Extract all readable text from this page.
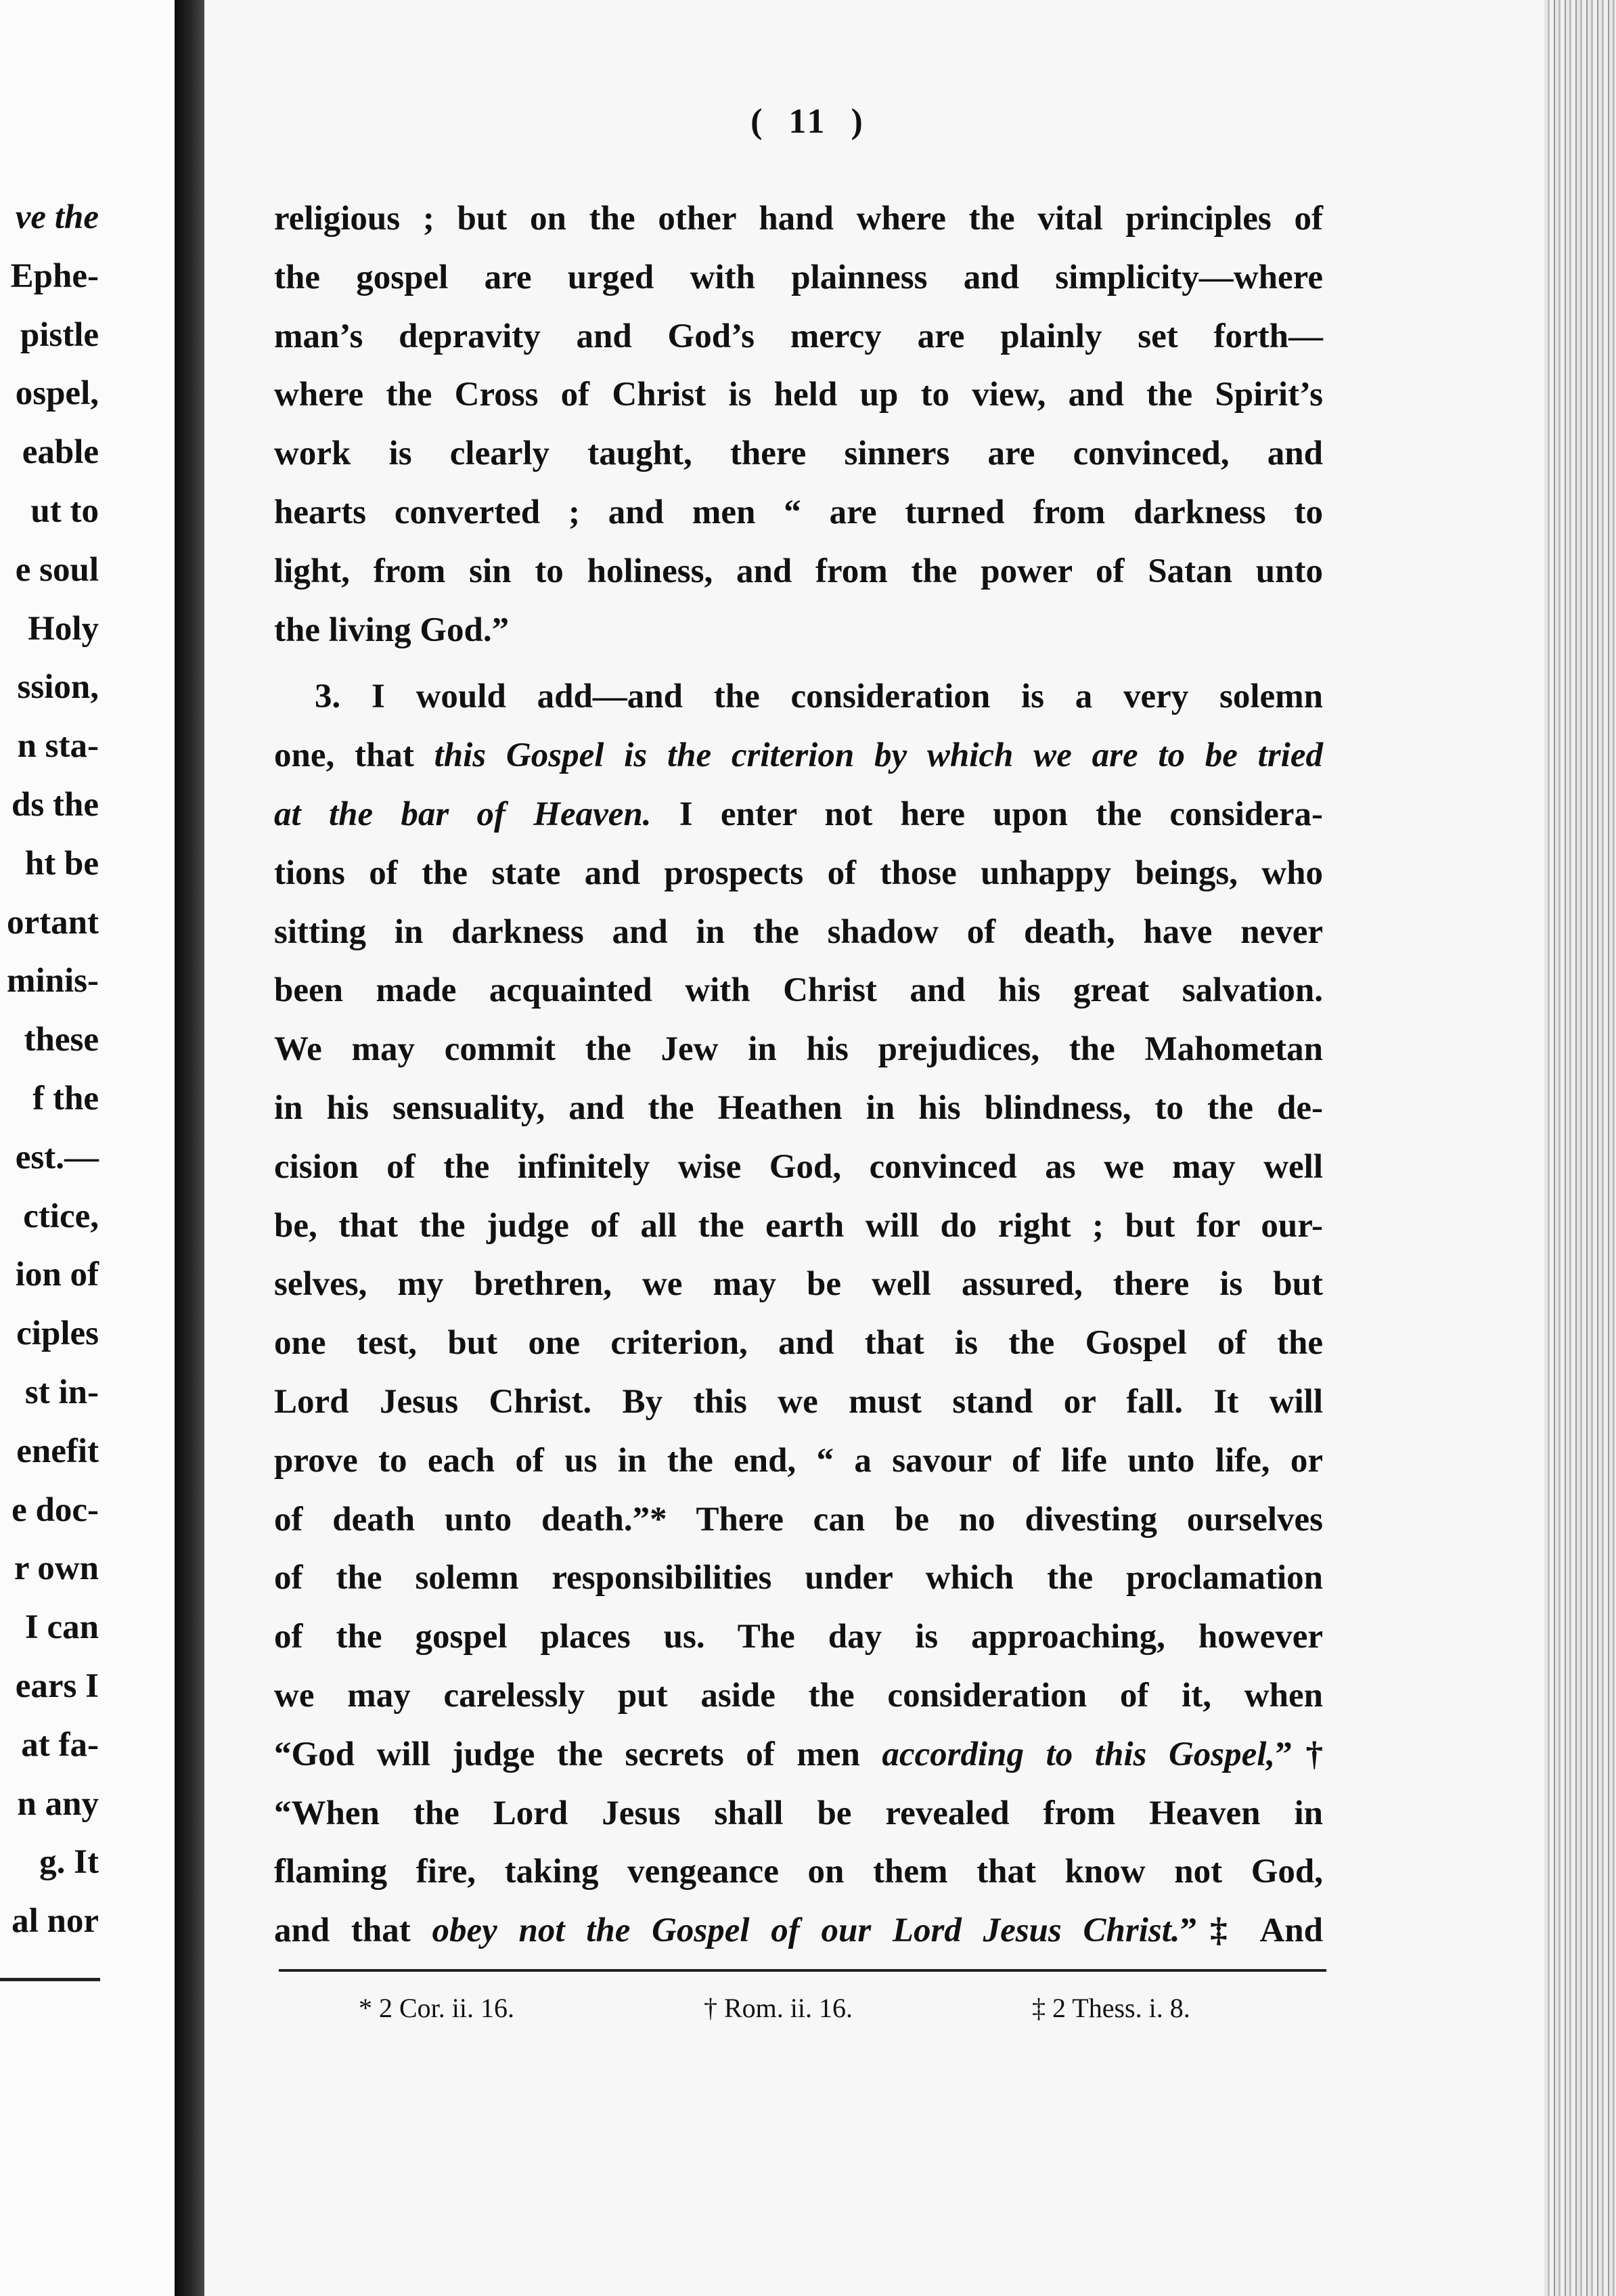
ve the
Ephe-
pistle
ospel,
eable
ut to
e soul
Holy
ssion,
n sta-
ds the
ht be
ortant
minis-
these
f the
est.—
ctice,
ion of
ciples
st in-
enefit
e doc-
r own
I can
ears I
at fa-
n any
g. It
al nor
( 11 )
religious ; but on the other hand where the vital principles of
the gospel are urged with plainness and simplicity—where
man’s depravity and God’s mercy are plainly set forth—
where the Cross of Christ is held up to view, and the Spirit’s
work is clearly taught, there sinners are convinced, and
hearts converted ; and men “ are turned from darkness to
light, from sin to holiness, and from the power of Satan unto
the living God.”
3. I would add—and the consideration is a very solemn
one, that this Gospel is the criterion by which we are to be tried
at the bar of Heaven. I enter not here upon the considera-
tions of the state and prospects of those unhappy beings, who
sitting in darkness and in the shadow of death, have never
been made acquainted with Christ and his great salvation.
We may commit the Jew in his prejudices, the Mahometan
in his sensuality, and the Heathen in his blindness, to the de-
cision of the infinitely wise God, convinced as we may well
be, that the judge of all the earth will do right ; but for our-
selves, my brethren, we may be well assured, there is but
one test, but one criterion, and that is the Gospel of the
Lord Jesus Christ. By this we must stand or fall. It will
prove to each of us in the end, “ a savour of life unto life, or
of death unto death.”* There can be no divesting ourselves
of the solemn responsibilities under which the proclamation
of the gospel places us. The day is approaching, however
we may carelessly put aside the consideration of it, when
“God will judge the secrets of men according to this Gospel,”†
“When the Lord Jesus shall be revealed from Heaven in
flaming fire, taking vengeance on them that know not God,
and that obey not the Gospel of our Lord Jesus Christ.”‡ And
* 2 Cor. ii. 16.	† Rom. ii. 16.	‡ 2 Thess. i. 8.
